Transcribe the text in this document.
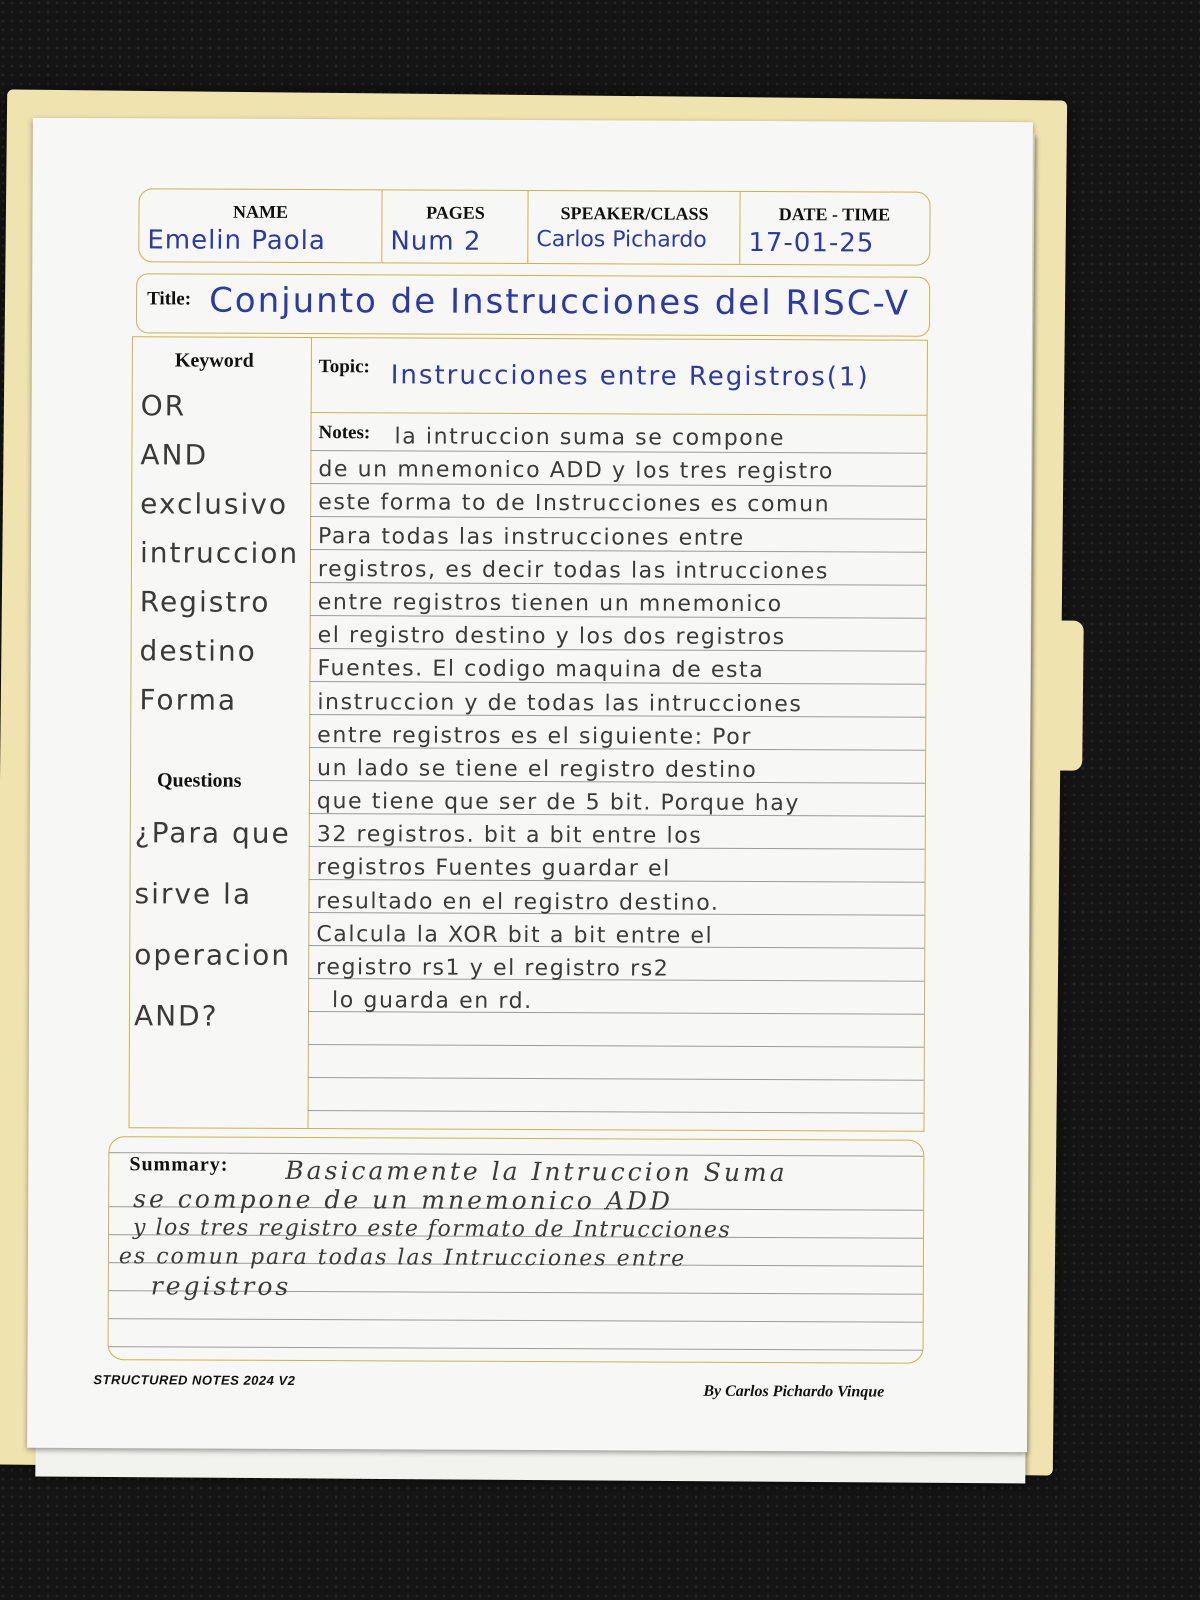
NAME
Emelin Paola
PAGES
Num 2
SPEAKER/CLASS
Carlos Pichardo
DATE - TIME
17-01-25
Title: Conjunto de Instrucciones del RISC-V
Keyword
OR
AND
exclusivo
intruccion
Registro
destino
Forma
Questions
¿Para que
sirve la
operacion
AND?
Topic: Instrucciones entre Registros(1)
la intruccion suma se compone
de un mnemonico ADD y los tres registro
este forma to de Instrucciones es comun
Para todas las instrucciones entre
registros, es decir todas las intrucciones
entre registros tienen un mnemonico
el registro destino y los dos registros
Fuentes. El codigo maquina de esta
instruccion y de todas las intrucciones
entre registros es el siguiente: Por
un lado se tiene el registro destino
que tiene que ser de 5 bit. Porque hay
32 registros. bit a bit entre los
registros Fuentes guardar el
resultado en el registro destino.
Calcula la XOR bit a bit entre el
registro rs1 y el registro rs2
lo guarda en rd.
Notes:
Basicamente la Intruccion Suma
se compone de un mnemonico ADD
y los tres registro este formato de Intrucciones
es comun para todas las Intrucciones entre
registros
Summary:
STRUCTURED NOTES 2024 V2
By Carlos Pichardo Vinque
